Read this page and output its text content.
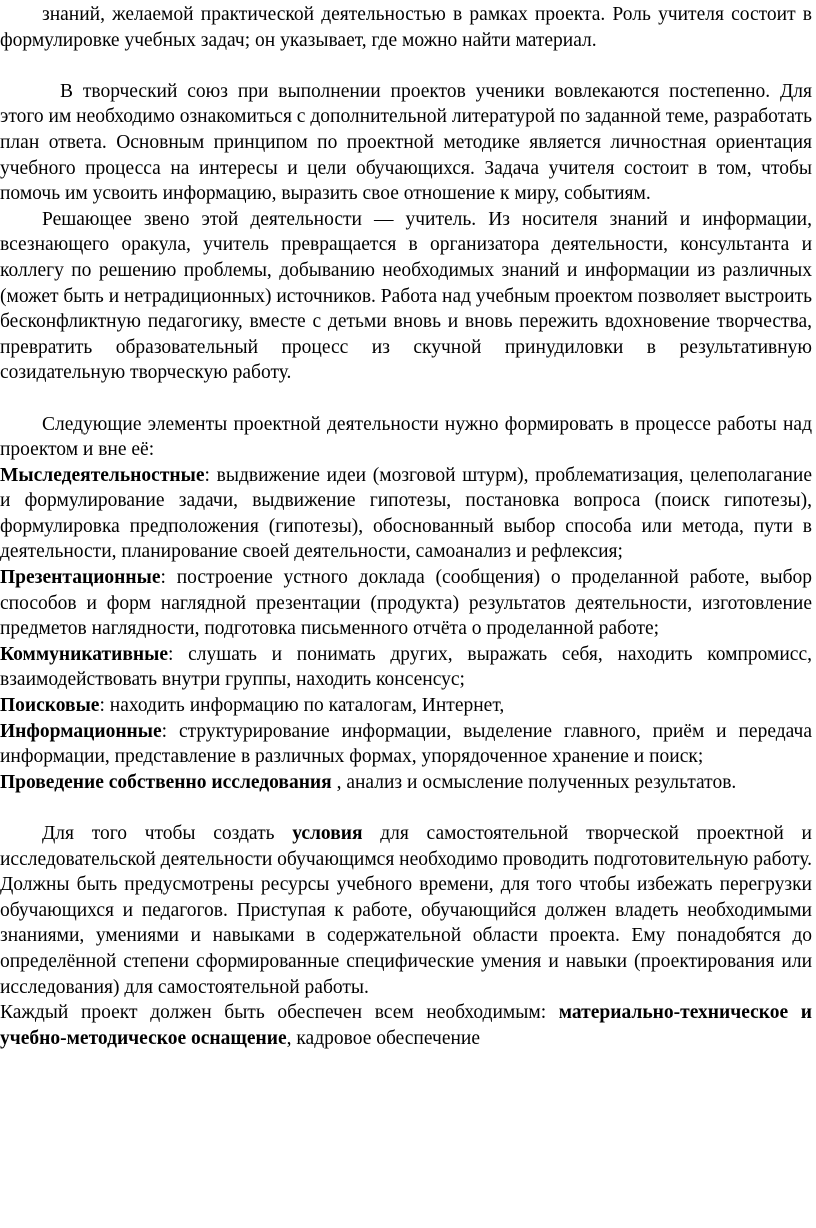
знаний, желаемой практической деятельностью в рамках проекта. Роль учителя состоит в формулировке учебных задач; он указывает, где можно найти материал.

В творческий союз при выполнении проектов ученики вовлекаются постепенно. Для этого им необходимо ознакомиться с дополнительной литературой по заданной теме, разработать план ответа. Основным принципом по проектной методике является личностная ориентация учебного процесса на интересы и цели обучающихся. Задача учителя состоит в том, чтобы помочь им усвоить информацию, выразить свое отношение к миру, событиям.

Решающее звено этой деятельности — учитель. Из носителя знаний и информации, всезнающего оракула, учитель превращается в организатора деятельности, консультанта и коллегу по решению проблемы, добыванию необходимых знаний и информации из различных (может быть и нетрадиционных) источников. Работа над учебным проектом позволяет выстроить бесконфликтную педагогику, вместе с детьми вновь и вновь пережить вдохновение творчества, превратить образовательный процесс из скучной принудиловки в результативную созидательную творческую работу.

Следующие элементы проектной деятельности нужно формировать в процессе работы над проектом и вне её:

Мыследеятельностные: выдвижение идеи (мозговой штурм), проблематизация, целеполагание и формулирование задачи, выдвижение гипотезы, постановка вопроса (поиск гипотезы), формулировка предположения (гипотезы), обоснованный выбор способа или метода, пути в деятельности, планирование своей деятельности, самоанализ и рефлексия;

Презентационные: построение устного доклада (сообщения) о проделанной работе, выбор способов и форм наглядной презентации (продукта) результатов деятельности, изготовление предметов наглядности, подготовка письменного отчёта о проделанной работе;

Коммуникативные: слушать и понимать других, выражать себя, находить компромисс, взаимодействовать внутри группы, находить консенсус;

Поисковые: находить информацию по каталогам, Интернет,

Информационные: структурирование информации, выделение главного, приём и передача информации, представление в различных формах, упорядоченное хранение и поиск;

Проведение собственно исследования , анализ и осмысление полученных результатов.

Для того чтобы создать условия для самостоятельной творческой проектной и исследовательской деятельности обучающимся необходимо проводить подготовительную работу. Должны быть предусмотрены ресурсы учебного времени, для того чтобы избежать перегрузки обучающихся и педагогов. Приступая к работе, обучающийся должен владеть необходимыми знаниями, умениями и навыками в содержательной области проекта. Ему понадобятся до определённой степени сформированные специфические умения и навыки (проектирования или исследования) для самостоятельной работы.

Каждый проект должен быть обеспечен всем необходимым: материально-техническое и учебно-методическое оснащение, кадровое обеспечение
